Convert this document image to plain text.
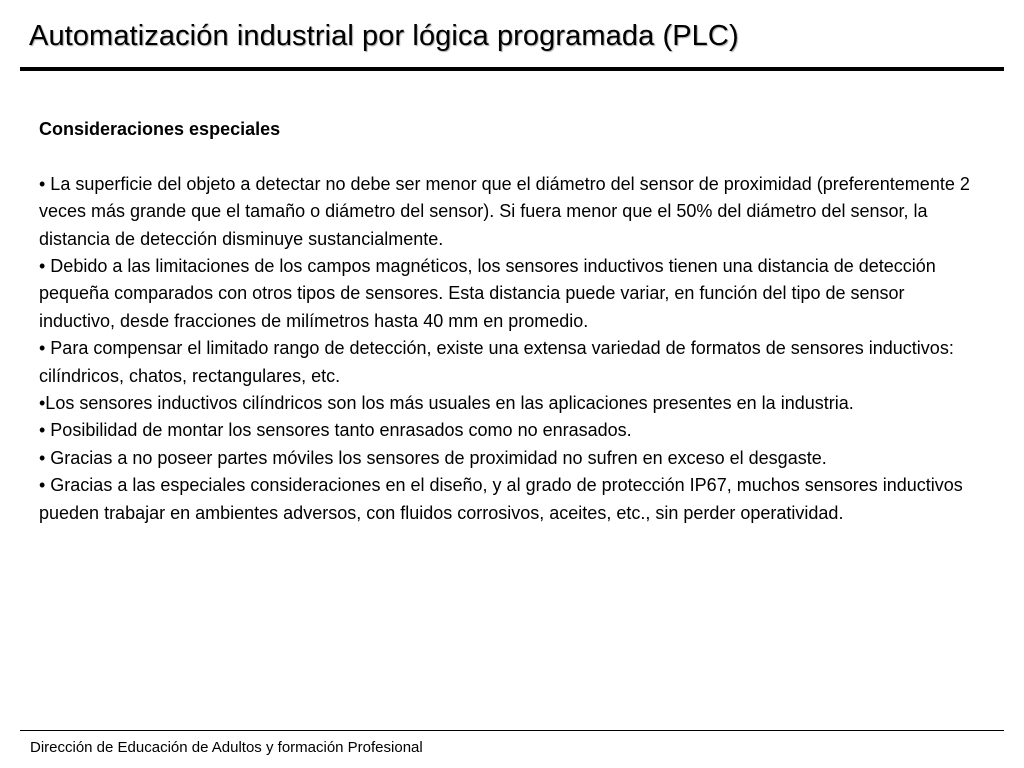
Automatización industrial por lógica programada (PLC)

Consideraciones especiales

• La superficie del objeto a detectar no debe ser menor que el diámetro del sensor de proximidad (preferentemente 2 veces más grande que el tamaño o diámetro del sensor). Si fuera menor que el 50% del diámetro del sensor, la distancia de detección disminuye sustancialmente.

• Debido a las limitaciones de los campos magnéticos, los sensores inductivos tienen una distancia de detección pequeña comparados con otros tipos de sensores. Esta distancia puede variar, en función del tipo de sensor inductivo, desde fracciones de milímetros hasta 40 mm en promedio.

• Para compensar el limitado rango de detección, existe una extensa variedad de formatos de sensores inductivos: cilíndricos, chatos, rectangulares, etc.

•Los sensores inductivos cilíndricos son los más usuales en las aplicaciones presentes en la industria.

• Posibilidad de montar los sensores tanto enrasados como no enrasados.

• Gracias a no poseer partes móviles los sensores de proximidad no sufren en exceso el desgaste.

• Gracias a las especiales consideraciones en el diseño, y al grado de protección IP67, muchos sensores inductivos pueden trabajar en ambientes adversos, con fluidos corrosivos, aceites, etc., sin perder operatividad.

Dirección de Educación de Adultos y formación Profesional
